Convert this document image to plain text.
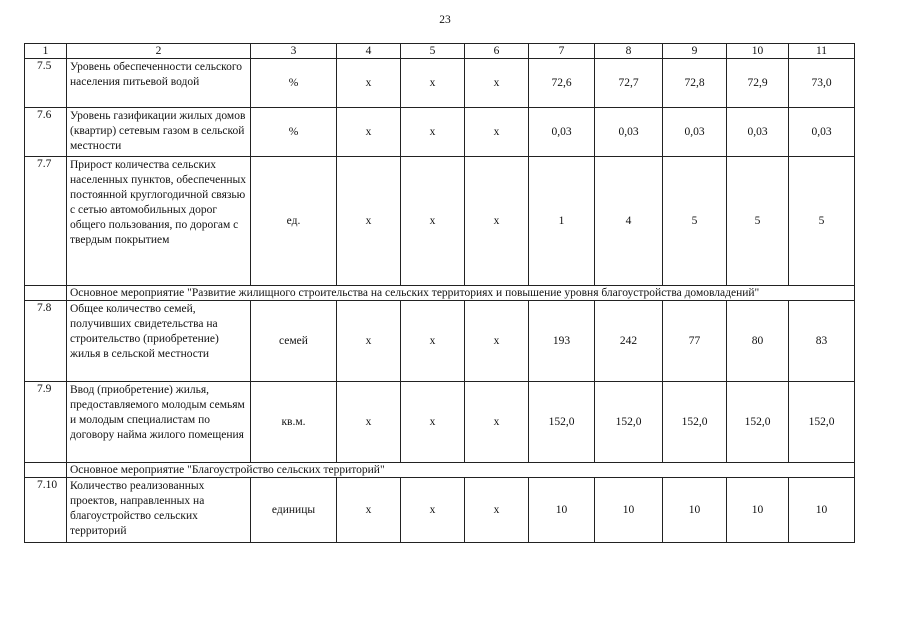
23
1	2	3	4	5	6	7	8	9	10	11
7.5	Уровень обеспеченности сельского населения питьевой водой	%	х	х	х	72,6	72,7	72,8	72,9	73,0
7.6	Уровень газификации жилых домов (квартир) сетевым газом в сельской местности	%	х	х	х	0,03	0,03	0,03	0,03	0,03
7.7	Прирост количества сельских населенных пунктов, обеспеченных постоянной круглогодичной связью с сетью автомобильных дорог общего пользования, по дорогам с твердым покрытием	ед.	х	х	х	1	4	5	5	5
	Основное мероприятие "Развитие жилищного строительства на сельских территориях и повышение уровня благоустройства домовладений"									
7.8	Общее количество семей, получивших свидетельства на строительство (приобретение) жилья в сельской местности	семей	х	х	х	193	242	77	80	83
7.9	Ввод (приобретение) жилья, предоставляемого молодым семьям и молодым специалистам по договору найма жилого помещения	кв.м.	х	х	х	152,0	152,0	152,0	152,0	152,0
	Основное мероприятие "Благоустройство сельских территорий"									
7.10	Количество реализованных проектов, направленных на благоустройство сельских территорий	единицы	х	х	х	10	10	10	10	10
